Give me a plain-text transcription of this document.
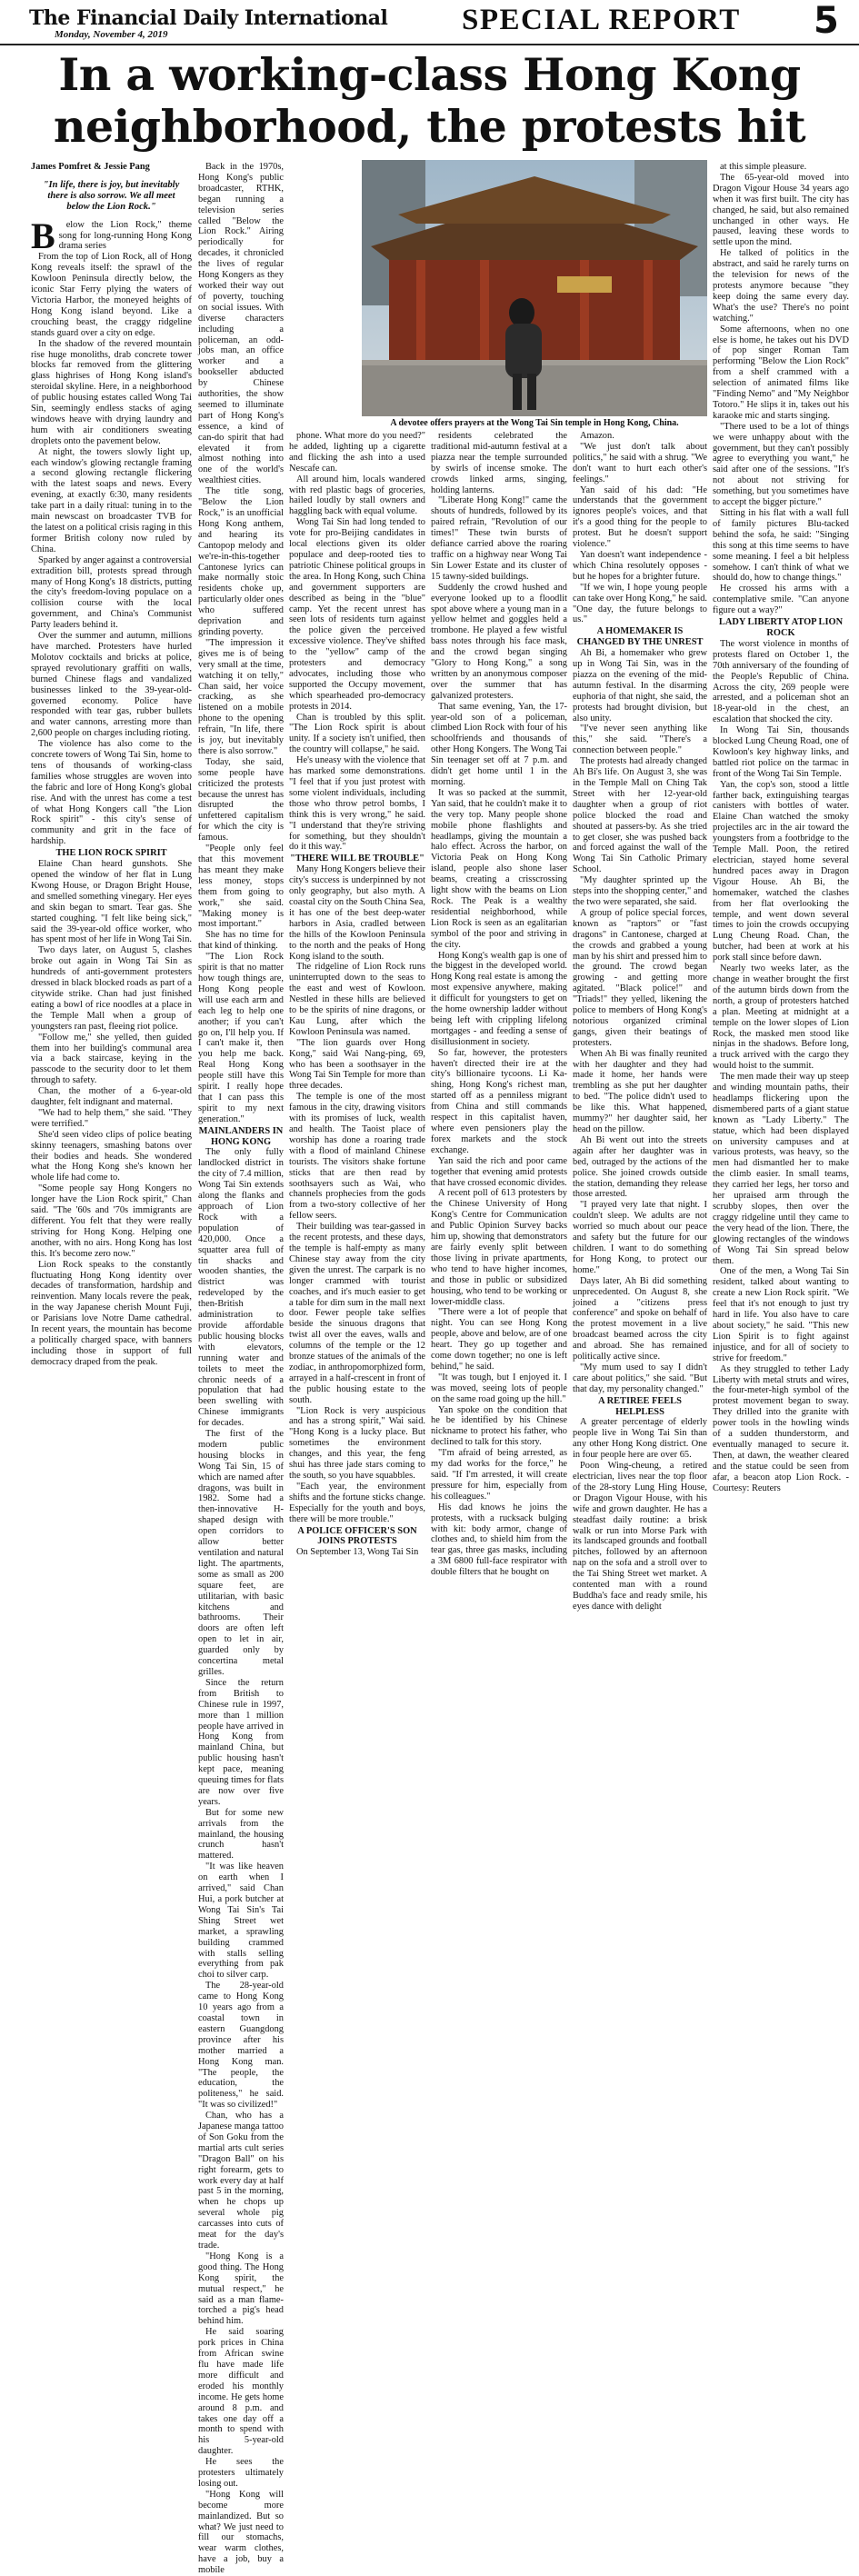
The Financial Daily International
Monday, November 4, 2019	SPECIAL REPORT 5
In a working-class Hong Kong neighborhood, the protests hit

James Pomfret & Jessie Pang

"In life, there is joy, but inevitably there is also sorrow. We all meet below the Lion Rock."

B	elow the Lion Rock," theme song for long-running Hong Kong drama series

From the top of Lion Rock, all of Hong Kong reveals itself: the sprawl of the Kowloon Peninsula directly below, the iconic Star Ferry plying the waters of Victoria Harbor, the moneyed heights of Hong Kong island beyond. Like a crouching beast, the craggy ridgeline stands guard over a city on edge.

In the shadow of the revered mountain rise huge monoliths, drab concrete tower blocks far removed from the glittering glass highrises of Hong Kong island's steroidal skyline. Here, in a neighborhood of public housing estates called Wong Tai Sin, seemingly endless stacks of aging windows heave with drying laundry and hum with air conditioners sweating droplets onto the pavement below.

At night, the towers slowly light up, each window's glowing rectangle framing a second glowing rectangle flickering with the latest soaps and news. Every evening, at exactly 6:30, many residents take part in a daily ritual: tuning in to the main newscast on broadcaster TVB for the latest on a political crisis raging in this former British colony now ruled by China.

Sparked by anger against a controversial extradition bill, protests spread through many of Hong Kong's 18 districts, putting the city's freedom-loving populace on a collision course with the local government, and China's Communist Party leaders behind it.

Over the summer and autumn, millions have marched. Protesters have hurled Molotov cocktails and bricks at police, sprayed revolutionary graffiti on walls, burned Chinese flags and vandalized businesses linked to the 39-year-old-governed economy. Police have responded with tear gas, rubber bullets and water cannons, arresting more than 2,600 people on charges including rioting.

The violence has also come to the concrete towers of Wong Tai Sin, home to tens of thousands of working-class families whose struggles are woven into the fabric and lore of Hong Kong's global rise. And with the unrest has come a test of what Hong Kongers call "the Lion Rock spirit" - this city's sense of community and grit in the face of hardship.

THE LION ROCK SPIRIT

Elaine Chan heard gunshots. She opened the window of her flat in Lung Kwong House, or Dragon Bright House, and smelled something vinegary. Her eyes and skin began to smart. Tear gas. She started coughing. "I felt like being sick," said the 39-year-old office worker, who has spent most of her life in Wong Tai Sin.

Two days later, on August 5, clashes broke out again in Wong Tai Sin as hundreds of anti-government protesters dressed in black blocked roads as part of a citywide strike. Chan had just finished eating a bowl of rice noodles at a place in the Temple Mall when a group of youngsters ran past, fleeing riot police.

"Follow me," she yelled, then guided them into her building's communal area via a back staircase, keying in the passcode to the security door to let them through to safety.

Chan, the mother of a 6-year-old daughter, felt indignant and maternal.

"We had to help them," she said. "They were terrified."

She'd seen video clips of police beating skinny teenagers, smashing batons over their bodies and heads. She wondered what the Hong Kong she's known her whole life had come to.

"Some people say Hong Kongers no longer have the Lion Rock spirit," Chan said. "The '60s and '70s immigrants are different. You felt that they were really striving for Hong Kong. Helping one another, with no airs. Hong Kong has lost this. It's become zero now."

Lion Rock speaks to the constantly fluctuating Hong Kong identity over decades of transformation, hardship and reinvention. Many locals revere the peak, in the way Japanese cherish Mount Fuji, or Parisians love Notre Dame cathedral. In recent years, the mountain has become a politically charged space, with banners including those in support of full democracy draped from the peak.

Back in the 1970s, Hong Kong's public broadcaster, RTHK, began running a television series called "Below the Lion Rock." Airing periodically for decades, it chronicled the lives of regular Hong Kongers as they worked their way out of poverty, touching on social issues. With diverse characters including a policeman, an odd-jobs man, an office worker and a bookseller abducted by Chinese authorities, the show seemed to illuminate part of Hong Kong's essence, a kind of can-do spirit that had elevated it from almost nothing into one of the world's wealthiest cities.

The title song, "Below the Lion Rock," is an unofficial Hong Kong anthem, and hearing its Cantopop melody and we're-in-this-together Cantonese lyrics can make normally stoic residents choke up, particularly older ones who suffered deprivation and grinding poverty.

"The impression it gives me is of being very small at the time, watching it on telly," Chan said, her voice cracking, as she listened on a mobile phone to the opening refrain, "In life, there is joy, but inevitably there is also sorrow."

Today, she said, some people have criticized the protests because the unrest has disrupted the unfettered capitalism for which the city is famous.

"People only feel that this movement has meant they make less money, stops them from going to work," she said. "Making money is most important."

She has no time for that kind of thinking.

"The Lion Rock spirit is that no matter how tough things are, Hong Kong people will use each arm and each leg to help one another; if you can't go on, I'll help you. If I can't make it, then you help me back. Real Hong Kong people still have this spirit. I really hope that I can pass this spirit to my next generation."

MAINLANDERS IN HONG KONG

The only fully landlocked district in the city of 7.4 million, Wong Tai Sin extends along the flanks and approach of Lion Rock with a population of 420,000. Once a squatter area full of tin shacks and wooden shanties, the district was redeveloped by the then-British administration to provide affordable public housing blocks with elevators, running water and toilets to meet the chronic needs of a population that had been swelling with Chinese immigrants for decades.

The first of the modern public housing blocks in Wong Tai Sin, 15 of which are named after dragons, was built in 1982. Some had a then-innovative H-shaped design with open corridors to allow better ventilation and natural light. The apartments, some as small as 200 square feet, are utilitarian, with basic kitchens and bathrooms. Their doors are often left open to let in air, guarded only by concertina metal grilles.

Since the return from British to Chinese rule in 1997, more than 1 million people have arrived in Hong Kong from mainland China, but public housing hasn't kept pace, meaning queuing times for flats are now over five years.

But for some new arrivals from the mainland, the housing crunch hasn't mattered.

"It was like heaven on earth when I arrived," said Chan Hui, a pork butcher at Wong Tai Sin's Tai Shing Street wet market, a sprawling building crammed with stalls selling everything from pak choi to silver carp.

The 28-year-old came to Hong Kong 10 years ago from a coastal town in eastern Guangdong province after his mother married a Hong Kong man. "The people, the education, the politeness," he said. "It was so civilized!"

Chan, who has a Japanese manga tattoo of Son Goku from the martial arts cult series "Dragon Ball" on his right forearm, gets to work every day at half past 5 in the morning, when he chops up several whole pig carcasses into cuts of meat for the day's trade.

"Hong Kong is a good thing. The Hong Kong spirit, the mutual respect," he said as a man flame-torched a pig's head behind him.

He said soaring pork prices in China from African swine flu have made life more difficult and eroded his monthly income. He gets home around 8 p.m. and takes one day off a month to spend with his 5-year-old daughter.

He sees the protesters ultimately losing out.

"Hong Kong will become more mainlandized. But so what? We just need to fill our stomachs, wear warm clothes, have a job, buy a mobile

A devotee offers prayers at the Wong Tai Sin temple in Hong Kong, China.

phone. What more do you need?" he added, lighting up a cigarette and flicking the ash into a used Nescafe can.

All around him, locals wandered with red plastic bags of groceries, hailed loudly by stall owners and haggling back with equal volume.

Wong Tai Sin had long tended to vote for pro-Beijing candidates in local elections given its older populace and deep-rooted ties to patriotic Chinese political groups in the area. In Hong Kong, such China and government supporters are described as being in the "blue" camp. Yet the recent unrest has seen lots of residents turn against the police given the perceived excessive violence. They've shifted to the "yellow" camp of the protesters and democracy advocates, including those who supported the Occupy movement, which spearheaded pro-democracy protests in 2014.

Chan is troubled by this split. "The Lion Rock spirit is about unity. If a society isn't unified, then the country will collapse," he said.

He's uneasy with the violence that has marked some demonstrations. "I feel that if you just protest with some violent individuals, including those who throw petrol bombs, I think this is very wrong," he said. "I understand that they're striving for something, but they shouldn't do it this way."

"THERE WILL BE TROUBLE"

Many Hong Kongers believe their city's success is underpinned by not only geography, but also myth. A coastal city on the South China Sea, it has one of the best deep-water harbors in Asia, cradled between the hills of the Kowloon Peninsula to the north and the peaks of Hong Kong island to the south.

The ridgeline of Lion Rock runs uninterrupted down to the seas to the east and west of Kowloon. Nestled in these hills are believed to be the spirits of nine dragons, or Kau Lung, after which the Kowloon Peninsula was named.

"The lion guards over Hong Kong," said Wai Nang-ping, 69, who has been a soothsayer in the Wong Tai Sin Temple for more than three decades.

The temple is one of the most famous in the city, drawing visitors with its promises of luck, wealth and health. The Taoist place of worship has done a roaring trade with a flood of mainland Chinese tourists. The visitors shake fortune sticks that are then read by soothsayers such as Wai, who channels prophecies from the gods from a two-story collective of her fellow seers.

Their building was tear-gassed in the recent protests, and these days, the temple is half-empty as many Chinese stay away from the city given the unrest. The carpark is no longer crammed with tourist coaches, and it's much easier to get a table for dim sum in the mall next door. Fewer people take selfies beside the sinuous dragons that twist all over the eaves, walls and columns of the temple or the 12 bronze statues of the animals of the zodiac, in anthropomorphized form, arrayed in a half-crescent in front of the public housing estate to the south.

"Lion Rock is very auspicious and has a strong spirit," Wai said. "Hong Kong is a lucky place. But sometimes the environment changes, and this year, the feng shui has three jade stars coming to the south, so you have squabbles.

"Each year, the environment shifts and the fortune sticks change. Especially for the youth and boys, there will be more trouble."

A POLICE OFFICER'S SON JOINS PROTESTS

On September 13, Wong Tai Sin

residents celebrated the traditional mid-autumn festival at a piazza near the temple surrounded by swirls of incense smoke. The crowds linked arms, singing, holding lanterns.

"Liberate Hong Kong!" came the shouts of hundreds, followed by its paired refrain, "Revolution of our times!" These twin bursts of defiance carried above the roaring traffic on a highway near Wong Tai Sin Lower Estate and its cluster of 15 tawny-sided buildings.

Suddenly the crowd hushed and everyone looked up to a floodlit spot above where a young man in a yellow helmet and goggles held a trombone. He played a few wistful bass notes through his face mask, and the crowd began singing "Glory to Hong Kong," a song written by an anonymous composer over the summer that has galvanized protesters.

That same evening, Yan, the 17-year-old son of a policeman, climbed Lion Rock with four of his schoolfriends and thousands of other Hong Kongers. The Wong Tai Sin teenager set off at 7 p.m. and didn't get home until 1 in the morning.

It was so packed at the summit, Yan said, that he couldn't make it to the very top. Many people shone mobile phone flashlights and headlamps, giving the mountain a halo effect. Across the harbor, on Victoria Peak on Hong Kong island, people also shone laser beams, creating a crisscrossing light show with the beams on Lion Rock. The Peak is a wealthy residential neighborhood, while Lion Rock is seen as an egalitarian symbol of the poor and striving in the city.

Hong Kong's wealth gap is one of the biggest in the developed world. Hong Kong real estate is among the most expensive anywhere, making it difficult for youngsters to get on the home ownership ladder without being left with crippling lifelong mortgages - and feeding a sense of disillusionment in society.

So far, however, the protesters haven't directed their ire at the city's billionaire tycoons. Li Ka-shing, Hong Kong's richest man, started off as a penniless migrant from China and still commands respect in this capitalist haven, where even pensioners play the forex markets and the stock exchange.

Yan said the rich and poor came together that evening amid protests that have crossed economic divides.

A recent poll of 613 protesters by the Chinese University of Hong Kong's Centre for Communication and Public Opinion Survey backs him up, showing that demonstrators are fairly evenly split between those living in private apartments, who tend to have higher incomes, and those in public or subsidized housing, who tend to be working or lower-middle class.

"There were a lot of people that night. You can see Hong Kong people, above and below, are of one heart. They go up together and come down together; no one is left behind," he said.

"It was tough, but I enjoyed it. I was moved, seeing lots of people on the same road going up the hill."

Yan spoke on the condition that he be identified by his Chinese nickname to protect his father, who declined to talk for this story.

"I'm afraid of being arrested, as my dad works for the force," he said. "If I'm arrested, it will create pressure for him, especially from his colleagues."

His dad knows he joins the protests, with a rucksack bulging with kit: body armor, change of clothes and, to shield him from the tear gas, three gas masks, including a 3M 6800 full-face respirator with double filters that he bought on

Amazon.

"We just don't talk about politics," he said with a shrug. "We don't want to hurt each other's feelings."

Yan said of his dad: "He understands that the government ignores people's voices, and that it's a good thing for the people to protest. But he doesn't support violence."

Yan doesn't want independence - which China resolutely opposes - but he hopes for a brighter future.

"If we win, I hope young people can take over Hong Kong," he said. "One day, the future belongs to us."

A HOMEMAKER IS CHANGED BY THE UNREST

Ah Bi, a homemaker who grew up in Wong Tai Sin, was in the piazza on the evening of the mid-autumn festival. In the disarming euphoria of that night, she said, the protests had brought division, but also unity.

"I've never seen anything like this," she said. "There's a connection between people."

The protests had already changed Ah Bi's life. On August 3, she was in the Temple Mall on Ching Tak Street with her 12-year-old daughter when a group of riot police blocked the road and shouted at passers-by. As she tried to get closer, she was pushed back and forced against the wall of the Wong Tai Sin Catholic Primary School.

"My daughter sprinted up the steps into the shopping center," and the two were separated, she said.

A group of police special forces, known as "raptors" or "fast dragons" in Cantonese, charged at the crowds and grabbed a young man by his shirt and pressed him to the ground. The crowd began growing - and getting more agitated. "Black police!" and "Triads!" they yelled, likening the police to members of Hong Kong's notorious organized criminal gangs, given their beatings of protesters.

When Ah Bi was finally reunited with her daughter and they had made it home, her hands were trembling as she put her daughter to bed. "The police didn't used to be like this. What happened, mummy?" her daughter said, her head on the pillow.

Ah Bi went out into the streets again after her daughter was in bed, outraged by the actions of the police. She joined crowds outside the station, demanding they release those arrested.

"I prayed very late that night. I couldn't sleep. We adults are not worried so much about our peace and safety but the future for our children. I want to do something for Hong Kong, to protect our home."

Days later, Ah Bi did something unprecedented. On August 8, she joined a "citizens press conference" and spoke on behalf of the protest movement in a live broadcast beamed across the city and abroad. She has remained politically active since.

"My mum used to say I didn't care about politics," she said. "But that day, my personality changed."

A RETIREE FEELS HELPLESS

A greater percentage of elderly people live in Wong Tai Sin than any other Hong Kong district. One in four people here are over 65.

Poon Wing-cheung, a retired electrician, lives near the top floor of the 28-story Lung Hing House, or Dragon Vigour House, with his wife and grown daughter. He has a steadfast daily routine: a brisk walk or run into Morse Park with its landscaped grounds and football pitches, followed by an afternoon nap on the sofa and a stroll over to the Tai Shing Street wet market. A contented man with a round Buddha's face and ready smile, his eyes dance with delight

at this simple pleasure.

The 65-year-old moved into Dragon Vigour House 34 years ago when it was first built. The city has changed, he said, but also remained unchanged in other ways. He paused, leaving these words to settle upon the mind.

He talked of politics in the abstract, and said he rarely turns on the television for news of the protests anymore because "they keep doing the same every day. What's the use? There's no point watching."

Some afternoons, when no one else is home, he takes out his DVD of pop singer Roman Tam performing "Below the Lion Rock" from a shelf crammed with a selection of animated films like "Finding Nemo" and "My Neighbor Totoro." He slips it in, takes out his karaoke mic and starts singing.

"There used to be a lot of things we were unhappy about with the government, but they can't possibly agree to everything you want," he said after one of the sessions. "It's not about not striving for something, but you sometimes have to accept the bigger picture."

Sitting in his flat with a wall full of family pictures Blu-tacked behind the sofa, he said: "Singing this song at this time seems to have some meaning. I feel a bit helpless somehow. I can't think of what we should do, how to change things."

He crossed his arms with a contemplative smile. "Can anyone figure out a way?"

LADY LIBERTY ATOP LION ROCK

The worst violence in months of protests flared on October 1, the 70th anniversary of the founding of the People's Republic of China. Across the city, 269 people were arrested, and a policeman shot an 18-year-old in the chest, an escalation that shocked the city.

In Wong Tai Sin, thousands blocked Lung Cheung Road, one of Kowloon's key highway links, and battled riot police on the tarmac in front of the Wong Tai Sin Temple.

Yan, the cop's son, stood a little farther back, extinguishing teargas canisters with bottles of water. Elaine Chan watched the smoky projectiles arc in the air toward the youngsters from a footbridge to the Temple Mall. Poon, the retired electrician, stayed home several hundred paces away in Dragon Vigour House. Ah Bi, the homemaker, watched the clashes from her flat overlooking the temple, and went down several times to join the crowds occupying Lung Cheung Road. Chan, the butcher, had been at work at his pork stall since before dawn.

Nearly two weeks later, as the change in weather brought the first of the autumn birds down from the north, a group of protesters hatched a plan. Meeting at midnight at a temple on the lower slopes of Lion Rock, the masked men stood like ninjas in the shadows. Before long, a truck arrived with the cargo they would hoist to the summit.

The men made their way up steep and winding mountain paths, their headlamps flickering upon the dismembered parts of a giant statue known as "Lady Liberty." The statue, which had been displayed on university campuses and at various protests, was heavy, so the men had dismantled her to make the climb easier. In small teams, they carried her legs, her torso and her upraised arm through the scrubby slopes, then over the craggy ridgeline until they came to the very head of the lion. There, the glowing rectangles of the windows of Wong Tai Sin spread below them.

One of the men, a Wong Tai Sin resident, talked about wanting to create a new Lion Rock spirit. "We feel that it's not enough to just try hard in life. You also have to care about society," he said. "This new Lion Spirit is to fight against injustice, and for all of society to strive for freedom."

As they struggled to tether Lady Liberty with metal struts and wires, the four-meter-high symbol of the protest movement began to sway. They drilled into the granite with power tools in the howling winds of a sudden thunderstorm, and eventually managed to secure it. Then, at dawn, the weather cleared and the statue could be seen from afar, a beacon atop Lion Rock. -Courtesy: Reuters
